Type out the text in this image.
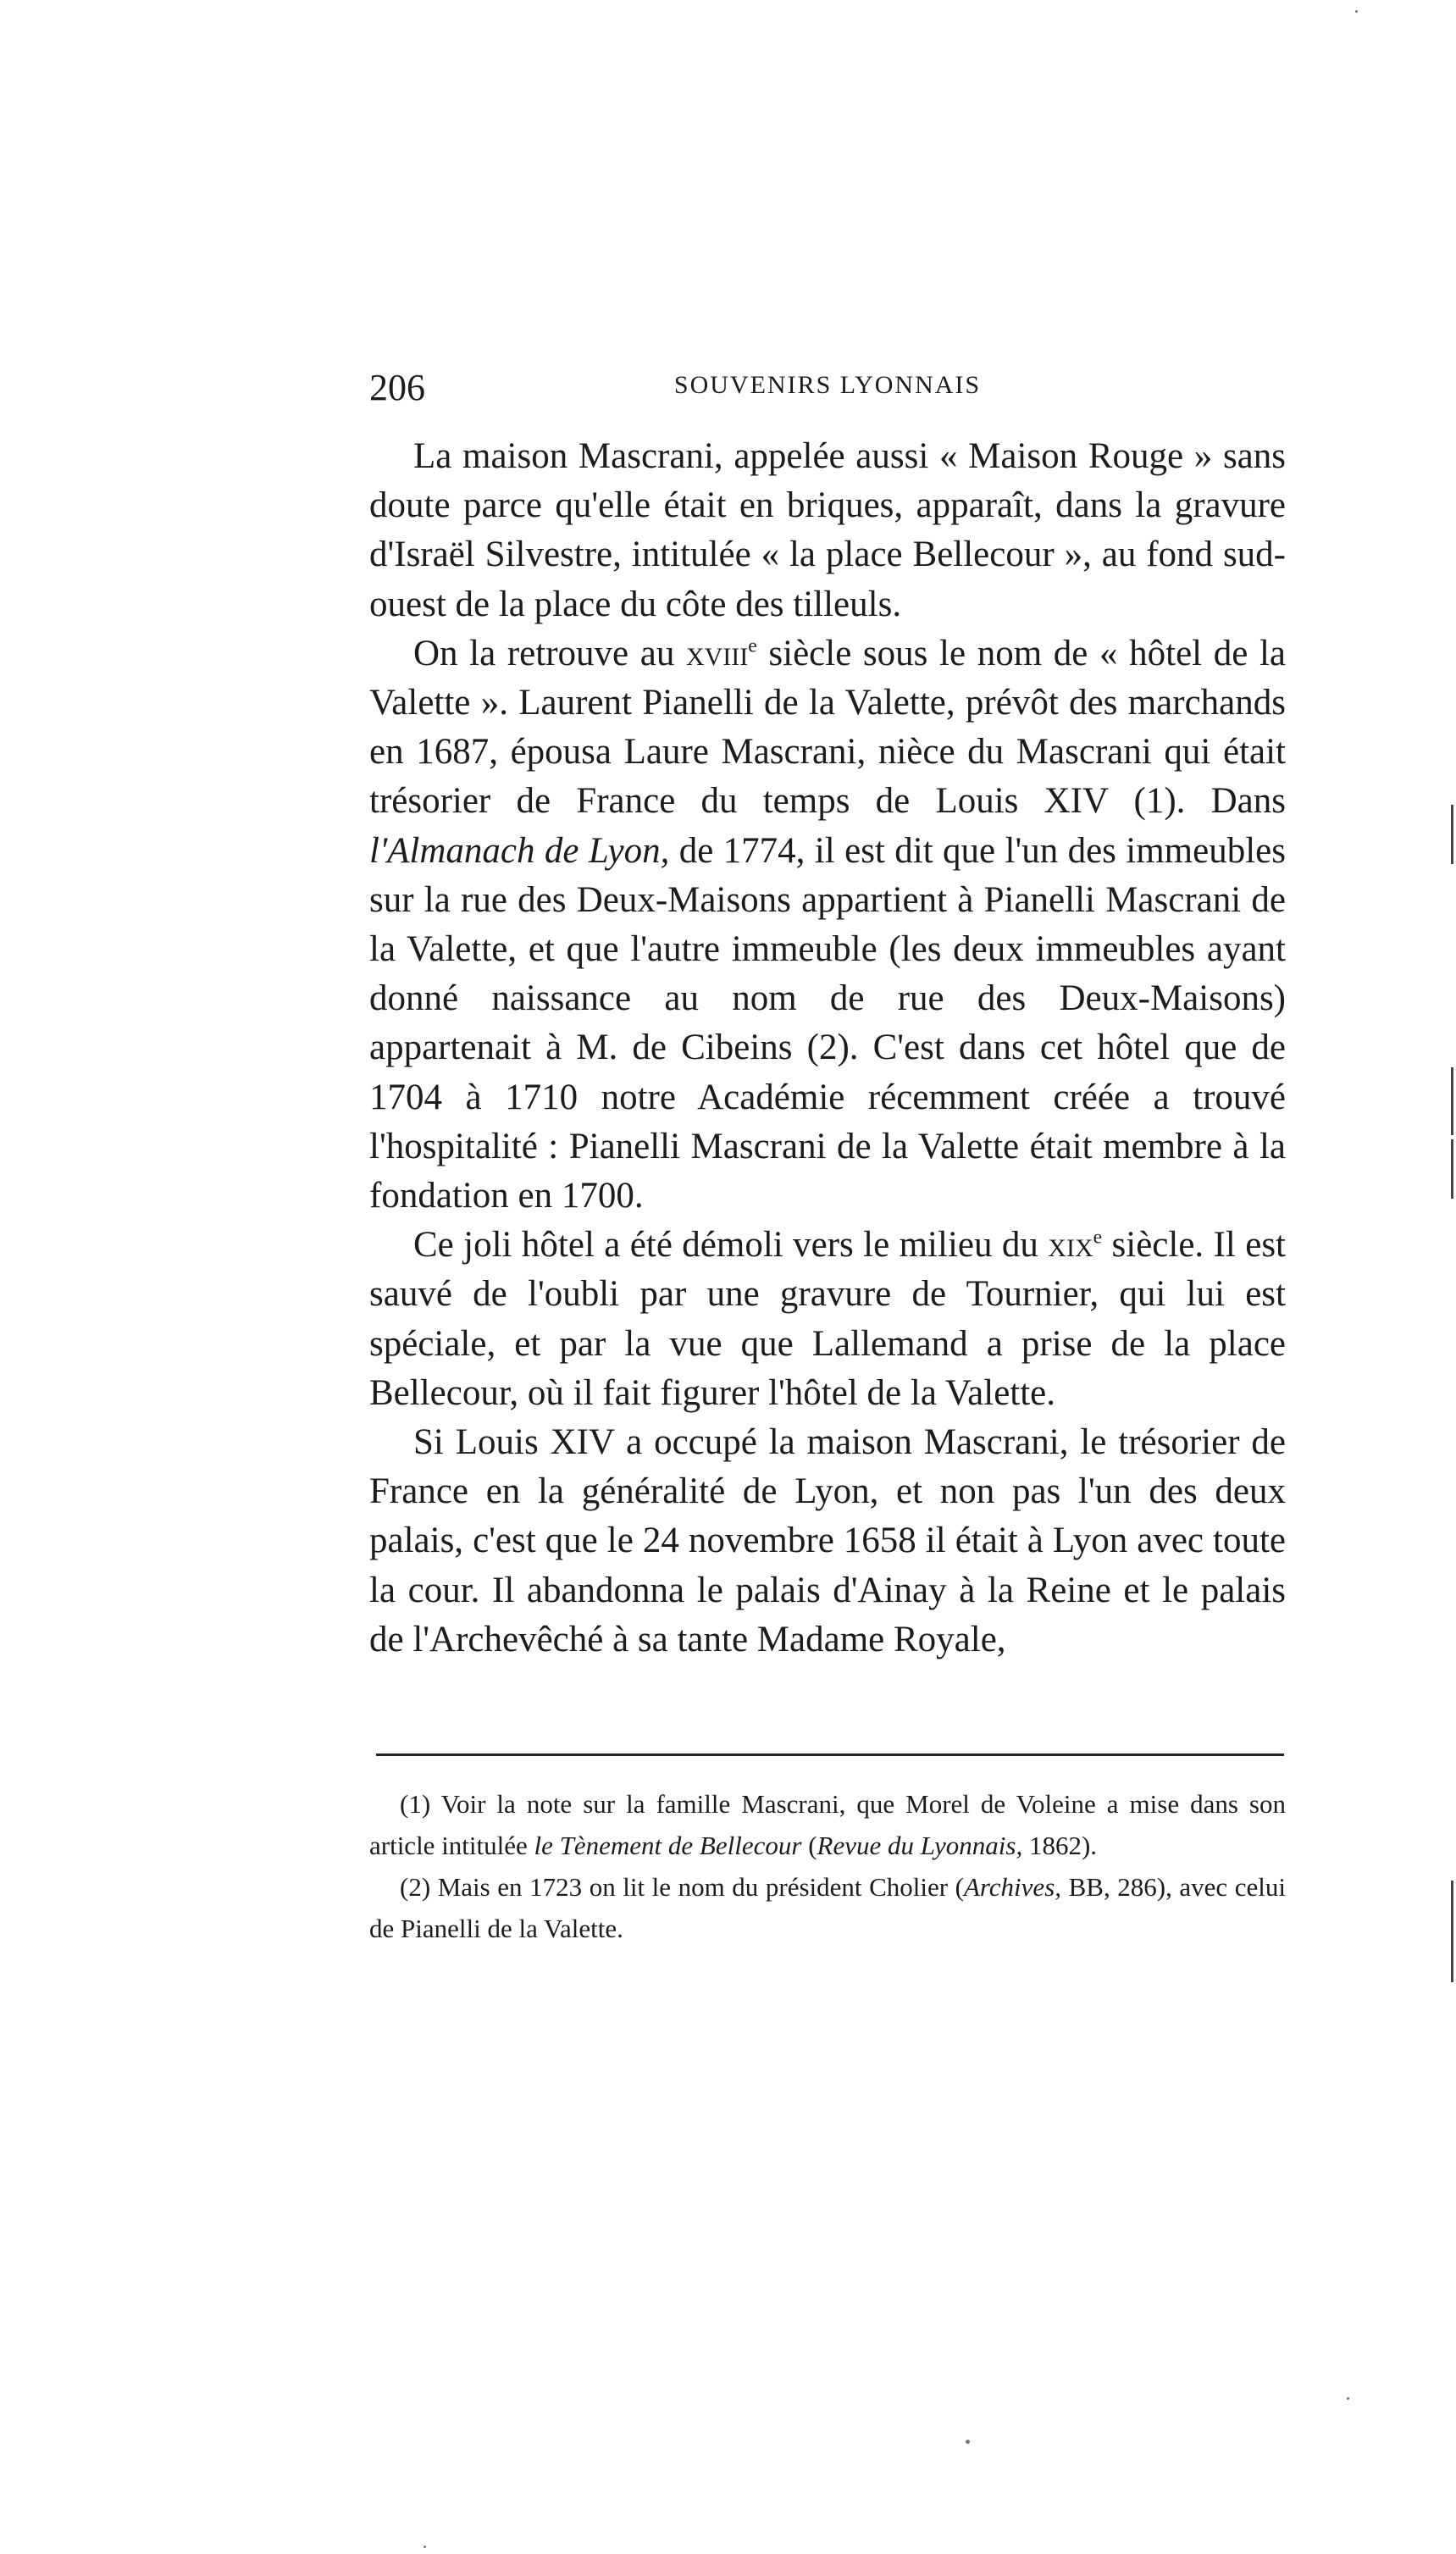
206	SOUVENIRS LYONNAIS

La maison Mascrani, appelée aussi « Maison Rouge » sans doute parce qu'elle était en briques, apparaît, dans la gravure d'Israël Silvestre, intitulée « la place Bellecour », au fond sud-ouest de la place du côte des tilleuls.

On la retrouve au xviii$^e$ siècle sous le nom de « hôtel de la Valette ». Laurent Pianelli de la Valette, prévôt des marchands en 1687, épousa Laure Mascrani, nièce du Mascrani qui était trésorier de France du temps de Louis XIV (1). Dans l'Almanach de Lyon, de 1774, il est dit que l'un des immeubles sur la rue des Deux-Maisons appartient à Pianelli Mascrani de la Valette, et que l'autre immeuble (les deux immeubles ayant donné naissance au nom de rue des Deux-Maisons) appartenait à M. de Cibeins (2). C'est dans cet hôtel que de 1704 à 1710 notre Académie récemment créée a trouvé l'hospitalité : Pianelli Mascrani de la Valette était membre à la fondation en 1700.

Ce joli hôtel a été démoli vers le milieu du xix$^e$ siècle. Il est sauvé de l'oubli par une gravure de Tournier, qui lui est spéciale, et par la vue que Lallemand a prise de la place Bellecour, où il fait figurer l'hôtel de la Valette.

Si Louis XIV a occupé la maison Mascrani, le trésorier de France en la généralité de Lyon, et non pas l'un des deux palais, c'est que le 24 novembre 1658 il était à Lyon avec toute la cour. Il abandonna le palais d'Ainay à la Reine et le palais de l'Archevêché à sa tante Madame Royale,

(1) Voir la note sur la famille Mascrani, que Morel de Voleine a mise dans son article intitulée le Tènement de Bellecour (Revue du Lyonnais, 1862).

(2) Mais en 1723 on lit le nom du président Cholier (Archives, BB, 286), avec celui de Pianelli de la Valette.
